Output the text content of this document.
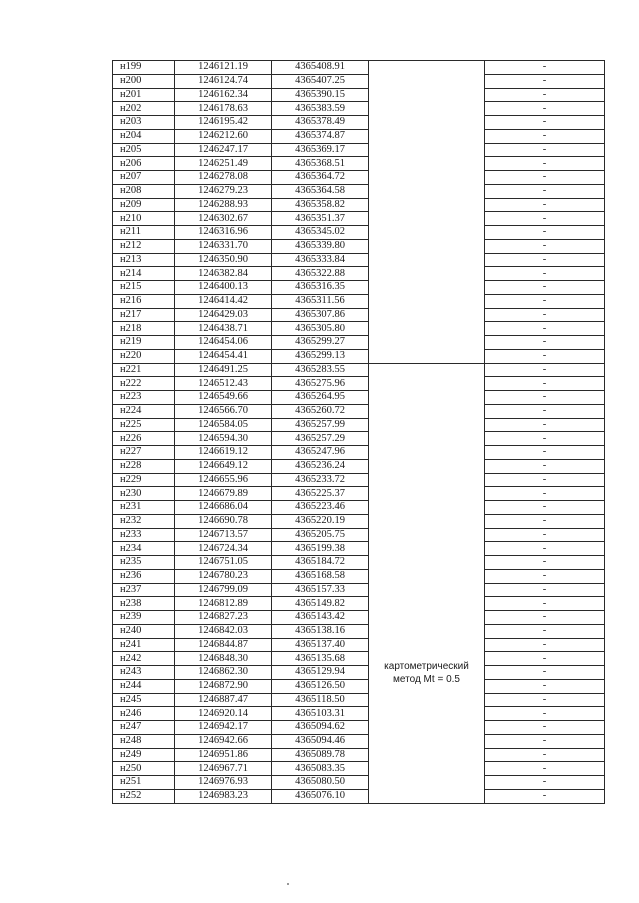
н199	1246121.19	4365408.91		-
н200	1246124.74	4365407.25		-
н201	1246162.34	4365390.15		-
н202	1246178.63	4365383.59		-
н203	1246195.42	4365378.49		-
н204	1246212.60	4365374.87		-
н205	1246247.17	4365369.17		-
н206	1246251.49	4365368.51		-
н207	1246278.08	4365364.72		-
н208	1246279.23	4365364.58		-
н209	1246288.93	4365358.82		-
н210	1246302.67	4365351.37		-
н211	1246316.96	4365345.02		-
н212	1246331.70	4365339.80		-
н213	1246350.90	4365333.84		-
н214	1246382.84	4365322.88		-
н215	1246400.13	4365316.35		-
н216	1246414.42	4365311.56		-
н217	1246429.03	4365307.86		-
н218	1246438.71	4365305.80		-
н219	1246454.06	4365299.27		-
н220	1246454.41	4365299.13		-
н221	1246491.25	4365283.55	картометрический метод Mt = 0.5	-
н222	1246512.43	4365275.96		-
н223	1246549.66	4365264.95		-
н224	1246566.70	4365260.72		-
н225	1246584.05	4365257.99		-
н226	1246594.30	4365257.29		-
н227	1246619.12	4365247.96		-
н228	1246649.12	4365236.24		-
н229	1246655.96	4365233.72		-
н230	1246679.89	4365225.37		-
н231	1246686.04	4365223.46		-
н232	1246690.78	4365220.19		-
н233	1246713.57	4365205.75		-
н234	1246724.34	4365199.38		-
н235	1246751.05	4365184.72		-
н236	1246780.23	4365168.58		-
н237	1246799.09	4365157.33		-
н238	1246812.89	4365149.82		-
н239	1246827.23	4365143.42		-
н240	1246842.03	4365138.16		-
н241	1246844.87	4365137.40		-
н242	1246848.30	4365135.68		-
н243	1246862.30	4365129.94		-
н244	1246872.90	4365126.50		-
н245	1246887.47	4365118.50		-
н246	1246920.14	4365103.31		-
н247	1246942.17	4365094.62		-
н248	1246942.66	4365094.46		-
н249	1246951.86	4365089.78		-
н250	1246967.71	4365083.35		-
н251	1246976.93	4365080.50		-
н252	1246983.23	4365076.10		-
